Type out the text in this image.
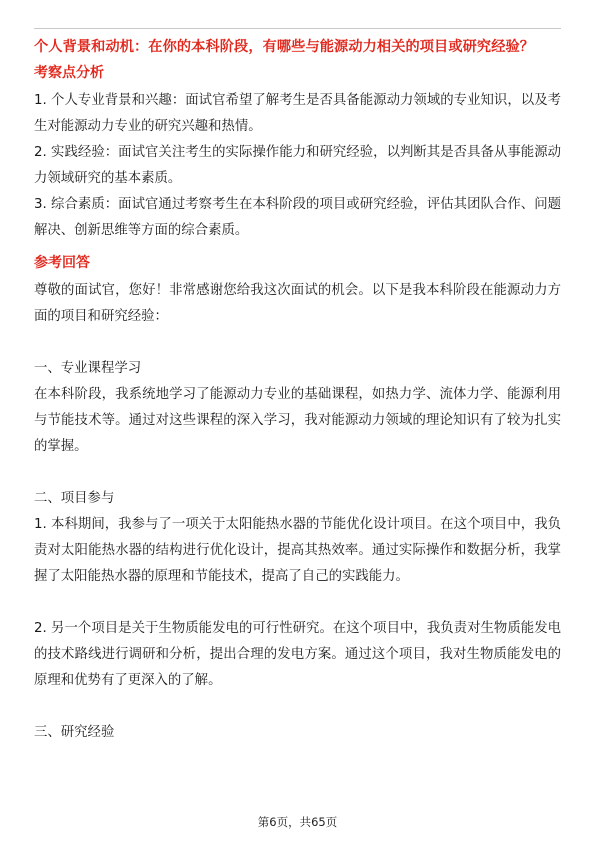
个人背景和动机：在你的本科阶段，有哪些与能源动力相关的项目或研究经验？

考察点分析

1. 个人专业背景和兴趣：面试官希望了解考生是否具备能源动力领域的专业知识，以及考生对能源动力专业的研究兴趣和热情。

2. 实践经验：面试官关注考生的实际操作能力和研究经验，以判断其是否具备从事能源动力领域研究的基本素质。

3. 综合素质：面试官通过考察考生在本科阶段的项目或研究经验，评估其团队合作、问题解决、创新思维等方面的综合素质。

参考回答

尊敬的面试官，您好！非常感谢您给我这次面试的机会。以下是我本科阶段在能源动力方面的项目和研究经验：

一、专业课程学习

在本科阶段，我系统地学习了能源动力专业的基础课程，如热力学、流体力学、能源利用与节能技术等。通过对这些课程的深入学习，我对能源动力领域的理论知识有了较为扎实的掌握。

二、项目参与

1. 本科期间，我参与了一项关于太阳能热水器的节能优化设计项目。在这个项目中，我负责对太阳能热水器的结构进行优化设计，提高其热效率。通过实际操作和数据分析，我掌握了太阳能热水器的原理和节能技术，提高了自己的实践能力。

2. 另一个项目是关于生物质能发电的可行性研究。在这个项目中，我负责对生物质能发电的技术路线进行调研和分析，提出合理的发电方案。通过这个项目，我对生物质能发电的原理和优势有了更深入的了解。

三、研究经验

第6页，共65页
